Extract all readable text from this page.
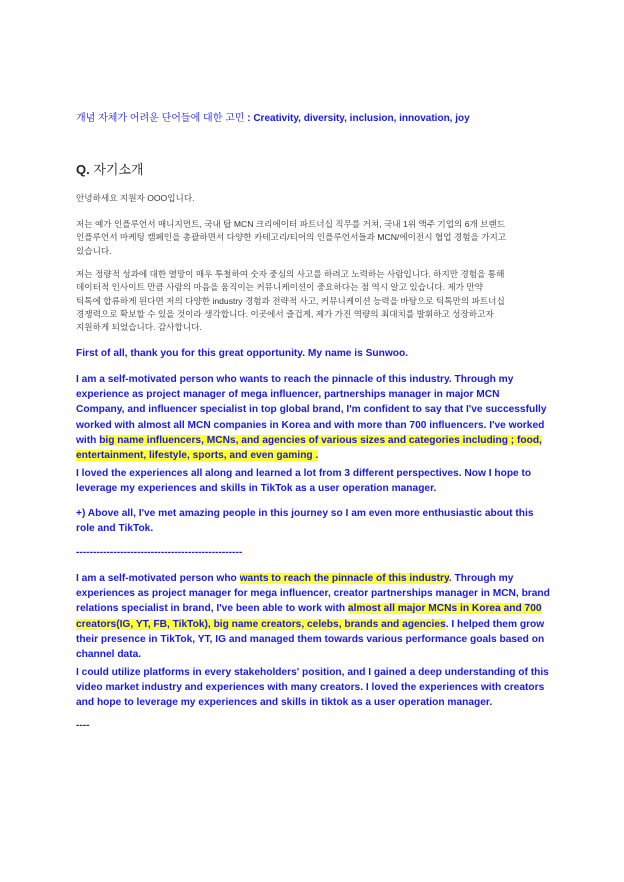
개념 자체가 어려운 단어들에 대한 고민 : Creativity, diversity, inclusion, innovation, joy
Q. 자기소개
안녕하세요 지원자 OOO입니다.
저는 예가 인플루언서 매니지먼트, 국내 탑 MCN 크리에이터 파트너십 직무를 거쳐, 국내 1위 액주 기업의 6개 브랜드
인플루언서 마케팅 캠페인을 총괄하면서 다양한 카테고리/티어의 인플루언서들과 MCN/에이전시 협업 경험을 가지고
있습니다.
저는 정량적 성과에 대한 열망이 매우 투철하여 숫자 중심의 사고를 하려고 노력하는 사람입니다. 하지만 경험을 통해
데이터적 인사이트 만큼 사람의 마음을 움직이는 커뮤니케이션이 중요하다는 점 역시 알고 있습니다. 제가 만약
틱톡에 합류하게 된다면 저의 다양한 industry 경험과 전략적 사고, 커뮤니케이션 능력을 바탕으로 틱톡만의 파트너십
경쟁력으로 확보할 수 있을 것이라 생각합니다. 이곳에서 즐겁게, 제가 가진 역량의 최대치를 발휘하고 성장하고자
지원하게 되었습니다. 감사합니다.
First of all, thank you for this great opportunity. My name is Sunwoo.
I am a self-motivated person who wants to reach the pinnacle of this industry. Through my
experience as project manager of mega influencer, partnerships manager in major MCN
Company, and influencer specialist in top global brand, I'm confident to say that I've successfully
worked with almost all MCN companies in Korea and with more than 700 influencers. I've worked
with big name influencers, MCNs, and agencies of various sizes and categories including ; food,
entertainment, lifestyle, sports, and even gaming .
I loved the experiences all along and learned a lot from 3 different perspectives. Now I hope to
leverage my experiences and skills in TikTok as a user operation manager.
+) Above all, I've met amazing people in this journey so I am even more enthusiastic about this
role and TikTok.
-------------------------------------------------
I am a self-motivated person who wants to reach the pinnacle of this industry. Through my
experiences as project manager for mega influencer, creator partnerships manager in MCN, brand
relations specialist in brand, I've been able to work with almost all major MCNs in Korea and 700
creators(IG, YT, FB, TikTok), big name creators, celebs, brands and agencies. I helped them grow
their presence in TikTok, YT, IG and managed them towards various performance goals based on
channel data.
I could utilize platforms in every stakeholders' position, and I gained a deep understanding of this
video market industry and experiences with many creators. I loved the experiences with creators
and hope to leverage my experiences and skills in tiktok as a user operation manager.
----
